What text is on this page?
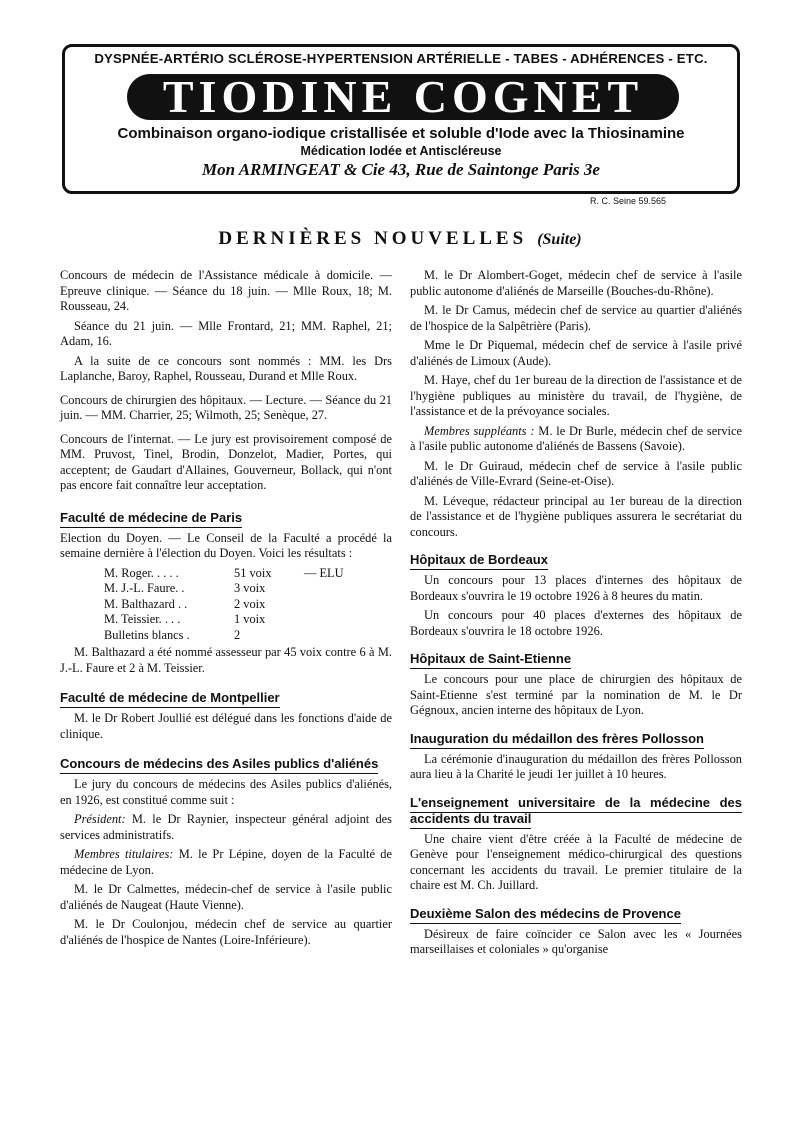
DYSPNÉE-ARTÉRIO SCLÉROSE-HYPERTENSION ARTÉRIELLE - TABES - ADHÉRENCES - ETC.
TIODINE COGNET
Combinaison organo-iodique cristallisée et soluble d'Iode avec la Thiosinamine
Médication Iodée et Antiscléreuse
Mon ARMINGEAT & Cie 43, Rue de Saintonge Paris 3e
R. C. Seine 59.565
DERNIÈRES NOUVELLES (Suite)

Concours de médecin de l'Assistance médicale à domicile. — Epreuve clinique. — Séance du 18 juin. — Mlle Roux, 18; M. Rousseau, 24.

Séance du 21 juin. — Mlle Frontard, 21; MM. Raphel, 21; Adam, 16.

A la suite de ce concours sont nommés : MM. les Drs Laplanche, Baroy, Raphel, Rousseau, Durand et Mlle Roux.

Concours de chirurgien des hôpitaux. — Lecture. — Séance du 21 juin. — MM. Charrier, 25; Wilmoth, 25; Senèque, 27.

Concours de l'internat. — Le jury est provisoirement composé de MM. Pruvost, Tinel, Brodin, Donzelot, Madier, Portes, qui acceptent; de Gaudart d'Allaines, Gouverneur, Bollack, qui n'ont pas encore fait connaître leur acceptation.

Faculté de médecine de Paris

Election du Doyen. — Le Conseil de la Faculté a procédé la semaine dernière à l'élection du Doyen. Voici les résultats :

M. Roger. . . . .	51 voix	— ELU
M. J.-L. Faure. .	3 voix	
M. Balthazard . .	2 voix	
M. Teissier. . . .	1 voix	
Bulletins blancs .	2	

M. Balthazard a été nommé assesseur par 45 voix contre 6 à M. J.-L. Faure et 2 à M. Teissier.

Faculté de médecine de Montpellier

M. le Dr Robert Joullié est délégué dans les fonctions d'aide de clinique.

Concours de médecins des Asiles publics d'aliénés

Le jury du concours de médecins des Asiles publics d'aliénés, en 1926, est constitué comme suit :

Président: M. le Dr Raynier, inspecteur général adjoint des services administratifs.

Membres titulaires: M. le Pr Lépine, doyen de la Faculté de médecine de Lyon.

M. le Dr Calmettes, médecin-chef de service à l'asile public d'aliénés de Naugeat (Haute Vienne).

M. le Dr Coulonjou, médecin chef de service au quartier d'aliénés de l'hospice de Nantes (Loire-Inférieure).

M. le Dr Alombert-Goget, médecin chef de service à l'asile public autonome d'aliénés de Marseille (Bouches-du-Rhône).

M. le Dr Camus, médecin chef de service au quartier d'aliénés de l'hospice de la Salpêtrière (Paris).

Mme le Dr Piquemal, médecin chef de service à l'asile privé d'aliénés de Limoux (Aude).

M. Haye, chef du 1er bureau de la direction de l'assistance et de l'hygiène publiques au ministère du travail, de l'hygiène, de l'assistance et de la prévoyance sociales.

Membres suppléants : M. le Dr Burle, médecin chef de service à l'asile public autonome d'aliénés de Bassens (Savoie).

M. le Dr Guiraud, médecin chef de service à l'asile public d'aliénés de Ville-Evrard (Seine-et-Oise).

M. Léveque, rédacteur principal au 1er bureau de la direction de l'assistance et de l'hygiène publiques assurera le secrétariat du concours.

Hôpitaux de Bordeaux

Un concours pour 13 places d'internes des hôpitaux de Bordeaux s'ouvrira le 19 octobre 1926 à 8 heures du matin.

Un concours pour 40 places d'externes des hôpitaux de Bordeaux s'ouvrira le 18 octobre 1926.

Hôpitaux de Saint-Etienne

Le concours pour une place de chirurgien des hôpitaux de Saint-Etienne s'est terminé par la nomination de M. le Dr Gégnoux, ancien interne des hôpitaux de Lyon.

Inauguration du médaillon des frères Pollosson

La cérémonie d'inauguration du médaillon des frères Pollosson aura lieu à la Charité le jeudi 1er juillet à 10 heures.

L'enseignement universitaire de la médecine des accidents du travail

Une chaire vient d'être créée à la Faculté de médecine de Genève pour l'enseignement médico-chirurgical des questions concernant les accidents du travail. Le premier titulaire de la chaire est M. Ch. Juillard.

Deuxième Salon des médecins de Provence

Désireux de faire coïncider ce Salon avec les « Journées marseillaises et coloniales » qu'organise
